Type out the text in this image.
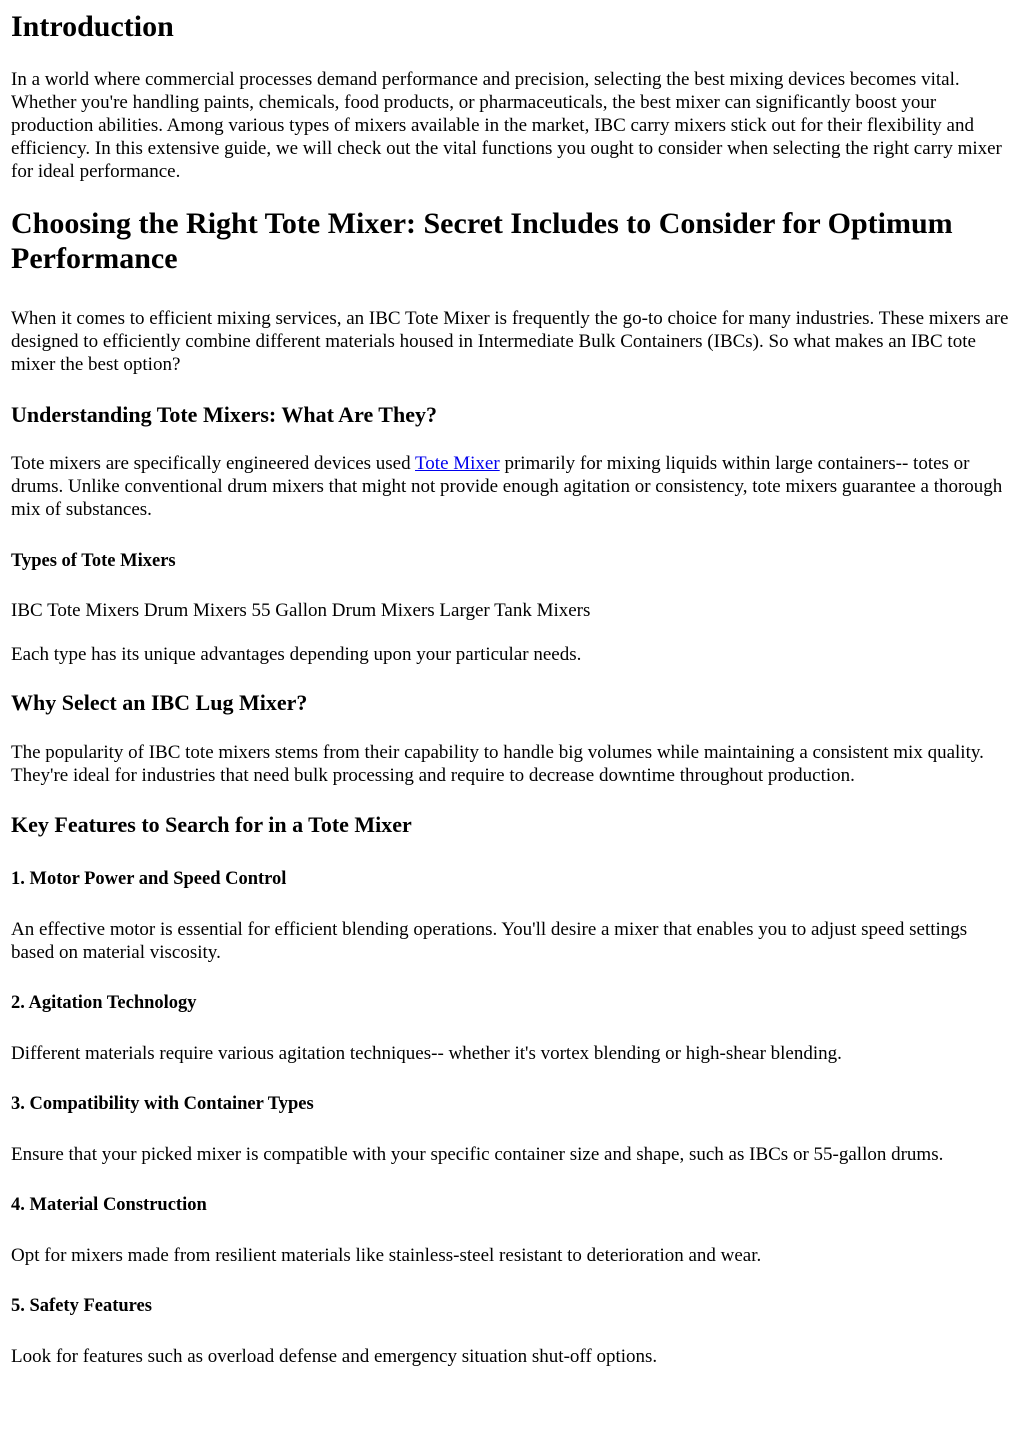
Introduction

In a world where commercial processes demand performance and precision, selecting the best mixing devices becomes vital. Whether you're handling paints, chemicals, food products, or pharmaceuticals, the best mixer can significantly boost your production abilities. Among various types of mixers available in the market, IBC carry mixers stick out for their flexibility and efficiency. In this extensive guide, we will check out the vital functions you ought to consider when selecting the right carry mixer for ideal performance.

Choosing the Right Tote Mixer: Secret Includes to Consider for Optimum Performance

When it comes to efficient mixing services, an IBC Tote Mixer is frequently the go-to choice for many industries. These mixers are designed to efficiently combine different materials housed in Intermediate Bulk Containers (IBCs). So what makes an IBC tote mixer the best option?

Understanding Tote Mixers: What Are They?

Tote mixers are specifically engineered devices used Tote Mixer primarily for mixing liquids within large containers-- totes or drums. Unlike conventional drum mixers that might not provide enough agitation or consistency, tote mixers guarantee a thorough mix of substances.

Types of Tote Mixers

IBC Tote Mixers Drum Mixers 55 Gallon Drum Mixers Larger Tank Mixers

Each type has its unique advantages depending upon your particular needs.

Why Select an IBC Lug Mixer?

The popularity of IBC tote mixers stems from their capability to handle big volumes while maintaining a consistent mix quality. They're ideal for industries that need bulk processing and require to decrease downtime throughout production.

Key Features to Search for in a Tote Mixer
1. Motor Power and Speed Control

An effective motor is essential for efficient blending operations. You'll desire a mixer that enables you to adjust speed settings based on material viscosity.

2. Agitation Technology

Different materials require various agitation techniques-- whether it's vortex blending or high-shear blending.

3. Compatibility with Container Types

Ensure that your picked mixer is compatible with your specific container size and shape, such as IBCs or 55-gallon drums.

4. Material Construction

Opt for mixers made from resilient materials like stainless-steel resistant to deterioration and wear.

5. Safety Features

Look for features such as overload defense and emergency situation shut-off options.
